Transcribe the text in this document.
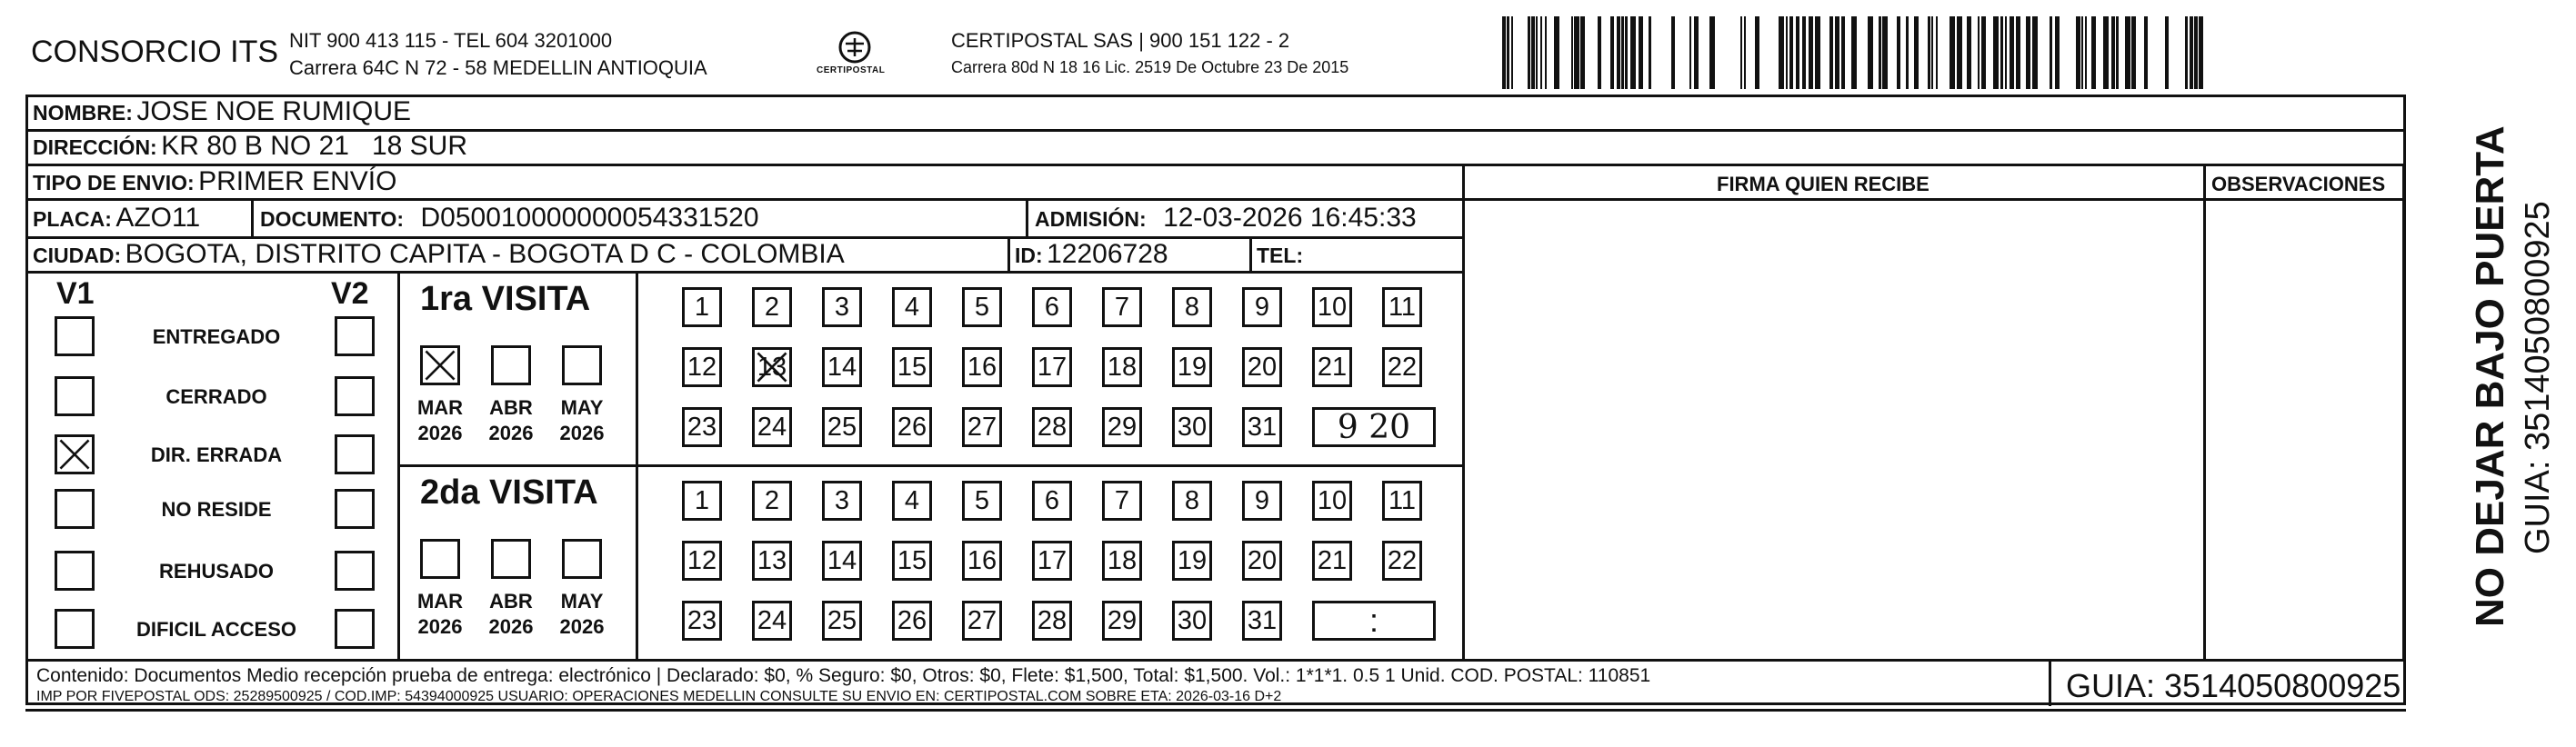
CONSORCIO ITS NIT 900 413 115 - TEL 604 3201000
Carrera 64C N 72 - 58 MEDELLIN ANTIOQUIA	CERTIPOSTAL
CERTIPOSTAL SAS | 900 151 122 - 2
Carrera 80d N 18 16 Lic. 2519 De Octubre 23 De 2015
NOMBRE: JOSE NOE RUMIQUE
DIRECCIÓN: KR 80 B NO 21   18 SUR
TIPO DE ENVIO: PRIMER ENVÍO	FIRMA QUIEN RECIBE	OBSERVACIONES
PLACA: AZO11	DOCUMENTO: D050010000000054331520	ADMISIÓN: 12-03-2026 16:45:33
CIUDAD: BOGOTA, DISTRITO CAPITA - BOGOTA D C - COLOMBIA	ID: 12206728	TEL:
V1	V2
ENTREGADO
CERRADO
DIR. ERRADA
NO RESIDE
REHUSADO
DIFICIL ACCESO
1ra VISITA
MAR
2026
ABR
2026
MAY
2026
1 2 3 4 5 6 7 8 9 10 11
12 13 14 15 16 17 18 19 20 21 22
23 24 25 26 27 28 29 30 31 9 20
2da VISITA
MAR
2026
ABR
2026
MAY
2026
1 2 3 4 5 6 7 8 9 10 11
12 13 14 15 16 17 18 19 20 21 22
23 24 25 26 27 28 29 30 31	:
Contenido: Documentos Medio recepción prueba de entrega: electrónico | Declarado: $0, % Seguro: $0, Otros: $0, Flete: $1,500, Total: $1,500. Vol.: 1*1*1. 0.5 1 Unid. COD. POSTAL: 110851
IMP POR FIVEPOSTAL ODS: 25289500925 / COD.IMP: 54394000925 USUARIO: OPERACIONES MEDELLIN CONSULTE SU ENVIO EN: CERTIPOSTAL.COM SOBRE ETA: 2026-03-16 D+2	GUIA: 3514050800925
NO DEJAR BAJO PUERTA GUIA: 3514050800925
